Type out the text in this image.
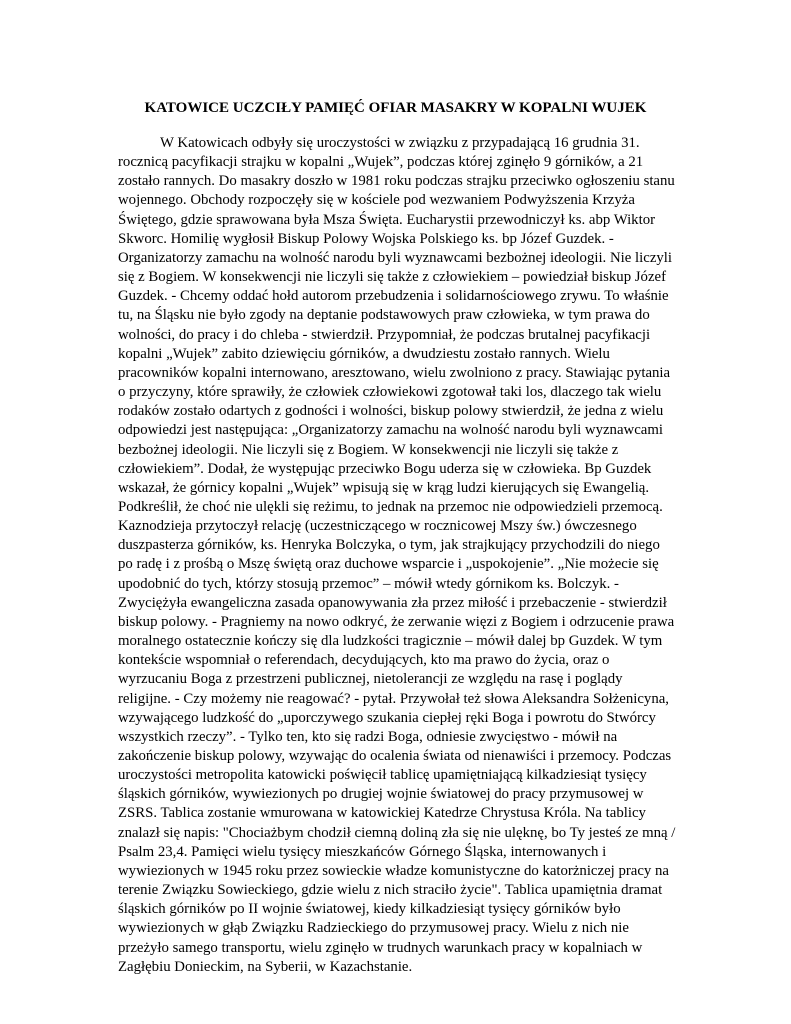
KATOWICE UCZCIŁY PAMIĘĆ OFIAR MASAKRY W KOPALNI WUJEK
W Katowicach odbyły się uroczystości w związku z przypadającą 16 grudnia 31.
rocznicą pacyfikacji strajku w kopalni „Wujek”, podczas której zginęło 9 górników, a 21
zostało rannych. Do masakry doszło w 1981 roku podczas strajku przeciwko ogłoszeniu stanu
wojennego. Obchody rozpoczęły się w kościele pod wezwaniem Podwyższenia Krzyża
Świętego, gdzie sprawowana była Msza Święta. Eucharystii przewodniczył ks. abp Wiktor
Skworc. Homilię wygłosił Biskup Polowy Wojska Polskiego ks. bp Józef Guzdek. -
Organizatorzy zamachu na wolność narodu byli wyznawcami bezbożnej ideologii. Nie liczyli
się z Bogiem. W konsekwencji nie liczyli się także z człowiekiem – powiedział biskup Józef
Guzdek. - Chcemy oddać hołd autorom przebudzenia i solidarnościowego zrywu. To właśnie
tu, na Śląsku nie było zgody na deptanie podstawowych praw człowieka, w tym prawa do
wolności, do pracy i do chleba - stwierdził. Przypomniał, że podczas brutalnej pacyfikacji
kopalni „Wujek” zabito dziewięciu górników, a dwudziestu zostało rannych. Wielu
pracowników kopalni internowano, aresztowano, wielu zwolniono z pracy. Stawiając pytania
o przyczyny, które sprawiły, że człowiek człowiekowi zgotował taki los, dlaczego tak wielu
rodaków zostało odartych z godności i wolności, biskup polowy stwierdził, że jedna z wielu
odpowiedzi jest następująca: „Organizatorzy zamachu na wolność narodu byli wyznawcami
bezbożnej ideologii. Nie liczyli się z Bogiem. W konsekwencji nie liczyli się także z
człowiekiem”. Dodał, że występując przeciwko Bogu uderza się w człowieka. Bp Guzdek
wskazał, że górnicy kopalni „Wujek” wpisują się w krąg ludzi kierujących się Ewangelią.
Podkreślił, że choć nie ulękli się reżimu, to jednak na przemoc nie odpowiedzieli przemocą.
Kaznodzieja przytoczył relację (uczestniczącego w rocznicowej Mszy św.) ówczesnego
duszpasterza górników, ks. Henryka Bolczyka, o tym, jak strajkujący przychodzili do niego
po radę i z prośbą o Mszę świętą oraz duchowe wsparcie i „uspokojenie”. „Nie możecie się
upodobnić do tych, którzy stosują przemoc” – mówił wtedy górnikom ks. Bolczyk. -
Zwyciężyła ewangeliczna zasada opanowywania zła przez miłość i przebaczenie - stwierdził
biskup polowy. - Pragniemy na nowo odkryć, że zerwanie więzi z Bogiem i odrzucenie prawa
moralnego ostatecznie kończy się dla ludzkości tragicznie – mówił dalej bp Guzdek. W tym
kontekście wspomniał o referendach, decydujących, kto ma prawo do życia, oraz o
wyrzucaniu Boga z przestrzeni publicznej, nietolerancji ze względu na rasę i poglądy
religijne. - Czy możemy nie reagować? - pytał. Przywołał też słowa Aleksandra Sołżenicyna,
wzywającego ludzkość do „uporczywego szukania ciepłej ręki Boga i powrotu do Stwórcy
wszystkich rzeczy”. - Tylko ten, kto się radzi Boga, odniesie zwycięstwo - mówił na
zakończenie biskup polowy, wzywając do ocalenia świata od nienawiści i przemocy. Podczas
uroczystości metropolita katowicki poświęcił tablicę upamiętniającą kilkadziesiąt tysięcy
śląskich górników, wywiezionych po drugiej wojnie światowej do pracy przymusowej w
ZSRS. Tablica zostanie wmurowana w katowickiej Katedrze Chrystusa Króla. Na tablicy
znalazł się napis: "Chociażbym chodził ciemną doliną zła się nie ulęknę, bo Ty jesteś ze mną /
Psalm 23,4. Pamięci wielu tysięcy mieszkańców Górnego Śląska, internowanych i
wywiezionych w 1945 roku przez sowieckie władze komunistyczne do katorżniczej pracy na
terenie Związku Sowieckiego, gdzie wielu z nich straciło życie". Tablica upamiętnia dramat
śląskich górników po II wojnie światowej, kiedy kilkadziesiąt tysięcy górników było
wywiezionych w głąb Związku Radzieckiego do przymusowej pracy. Wielu z nich nie
przeżyło samego transportu, wielu zginęło w trudnych warunkach pracy w kopalniach w
Zagłębiu Donieckim, na Syberii, w Kazachstanie.
